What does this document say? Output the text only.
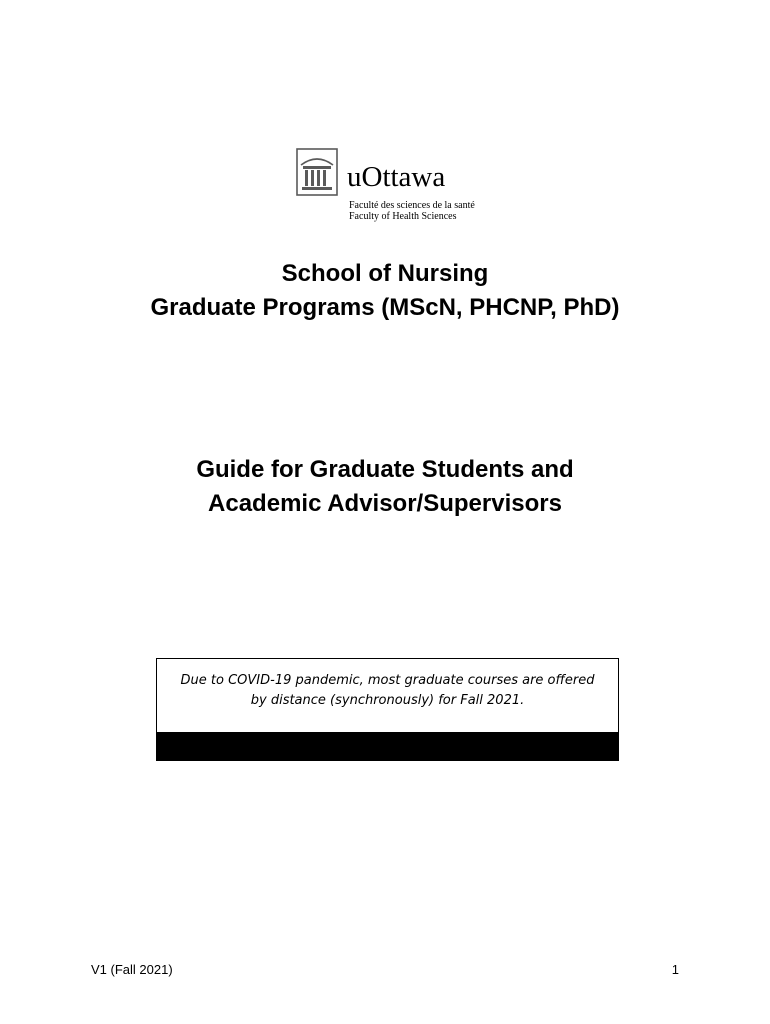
uOttawa
Faculté des sciences de la santé
Faculty of Health Sciences
School of Nursing
Graduate Programs (MScN, PHCNP, PhD)
Guide for Graduate Students and
Academic Advisor/Supervisors
Due to COVID-19 pandemic, most graduate courses are offered
by distance (synchronously) for Fall 2021.
V1 (Fall 2021)	1
